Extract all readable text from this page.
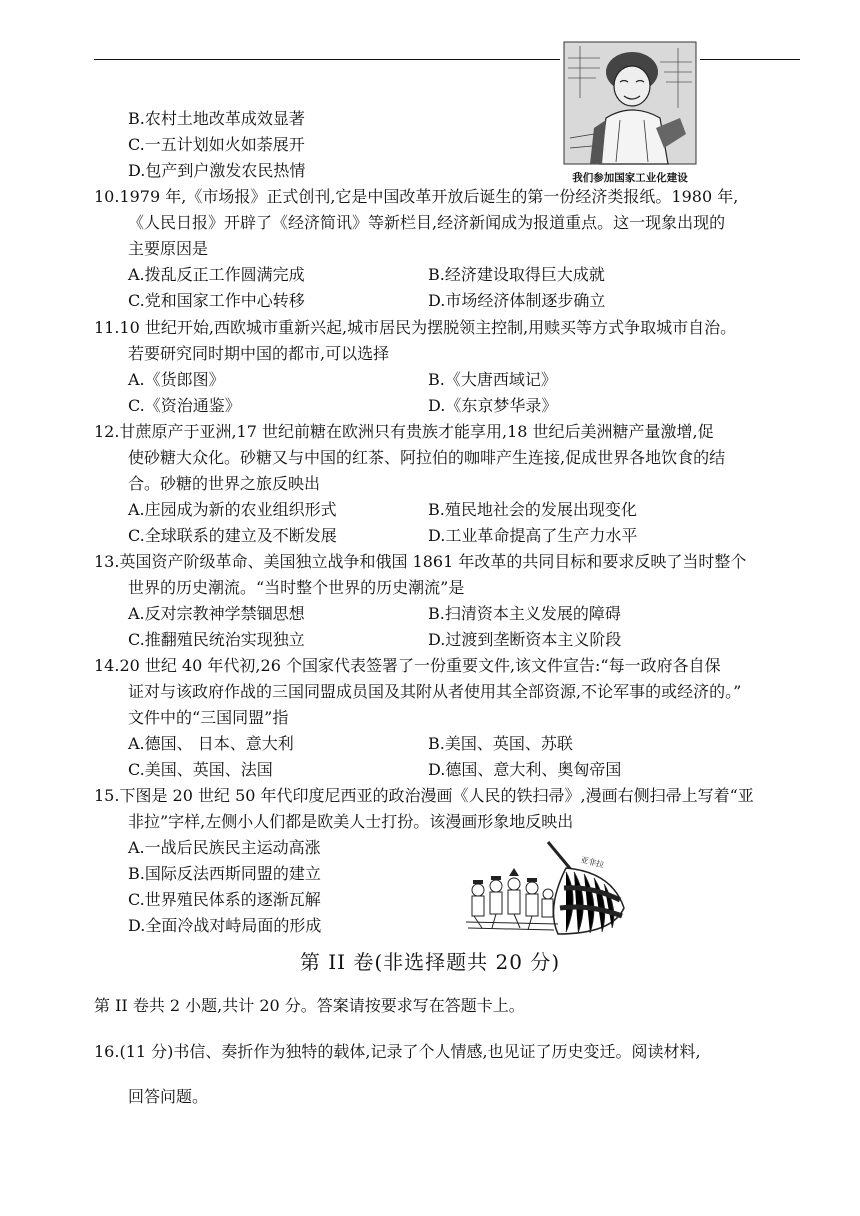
我们参加国家工业化建设
B.农村土地改革成效显著
C.一五计划如火如荼展开
D.包产到户激发农民热情
10.1979 年,《市场报》正式创刊,它是中国改革开放后诞生的第一份经济类报纸。1980 年,
《人民日报》开辟了《经济简讯》等新栏目,经济新闻成为报道重点。这一现象出现的
主要原因是
A.拨乱反正工作圆满完成	B.经济建设取得巨大成就
C.党和国家工作中心转移	D.市场经济体制逐步确立
11.10 世纪开始,西欧城市重新兴起,城市居民为摆脱领主控制,用赎买等方式争取城市自治。
若要研究同时期中国的都市,可以选择
A.《货郎图》	B.《大唐西域记》
C.《资治通鉴》	D.《东京梦华录》
12.甘蔗原产于亚洲,17 世纪前糖在欧洲只有贵族才能享用,18 世纪后美洲糖产量激增,促
使砂糖大众化。砂糖又与中国的红茶、阿拉伯的咖啡产生连接,促成世界各地饮食的结
合。砂糖的世界之旅反映出
A.庄园成为新的农业组织形式	B.殖民地社会的发展出现变化
C.全球联系的建立及不断发展	D.工业革命提高了生产力水平
13.英国资产阶级革命、美国独立战争和俄国 1861 年改革的共同目标和要求反映了当时整个
世界的历史潮流。“当时整个世界的历史潮流”是
A.反对宗教神学禁锢思想	B.扫清资本主义发展的障碍
C.推翻殖民统治实现独立	D.过渡到垄断资本主义阶段
14.20 世纪 40 年代初,26 个国家代表签署了一份重要文件,该文件宣告:“每一政府各自保
证对与该政府作战的三国同盟成员国及其附从者使用其全部资源,不论军事的或经济的。”
文件中的“三国同盟”指
A.德国、 日本、意大利	B.美国、英国、苏联
C.美国、英国、法国	D.德国、意大利、奥匈帝国
15.下图是 20 世纪 50 年代印度尼西亚的政治漫画《人民的铁扫帚》,漫画右侧扫帚上写着“亚
非拉”字样,左侧小人们都是欧美人士打扮。该漫画形象地反映出
A.一战后民族民主运动高涨
B.国际反法西斯同盟的建立
C.世界殖民体系的逐渐瓦解
D.全面冷战对峙局面的形成
亚非拉
第 II 卷(非选择题共 20 分)
第 II 卷共 2 小题,共计 20 分。答案请按要求写在答题卡上。
16.(11 分)书信、奏折作为独特的载体,记录了个人情感,也见证了历史变迁。阅读材料,
回答问题。
